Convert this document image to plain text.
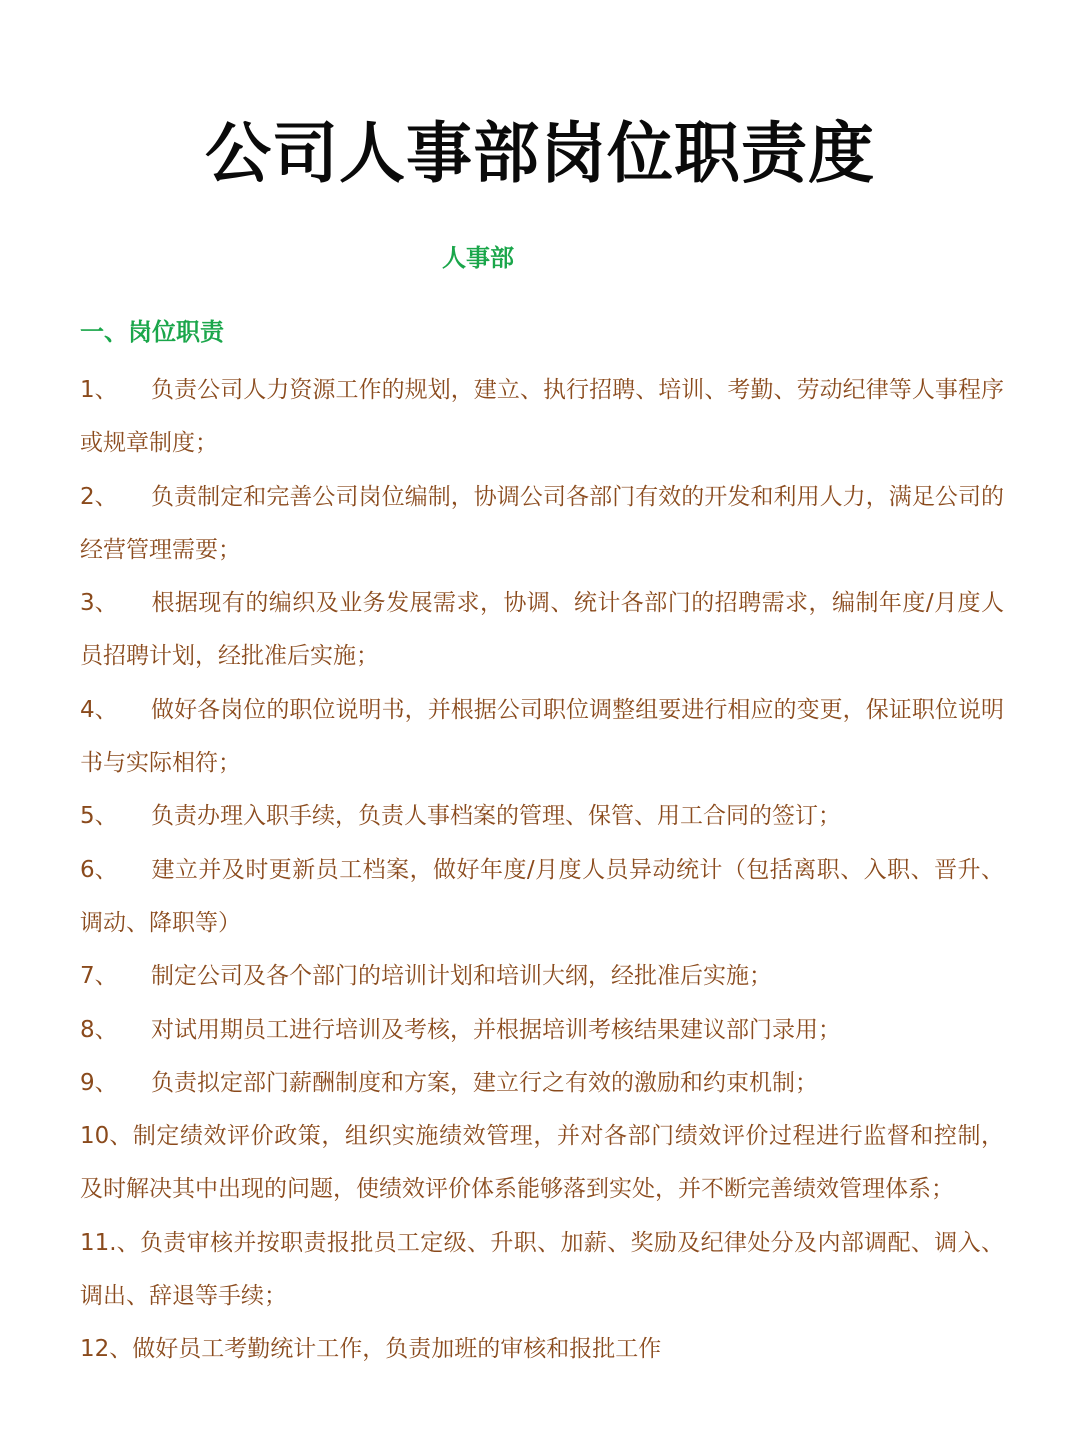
公司人事部岗位职责度
人事部
一、岗位职责
1、 负责公司人力资源工作的规划，建立、执行招聘、培训、考勤、劳动纪律等人事程序或规章制度；
2、 负责制定和完善公司岗位编制，协调公司各部门有效的开发和利用人力，满足公司的经营管理需要；
3、 根据现有的编织及业务发展需求，协调、统计各部门的招聘需求，编制年度/月度人员招聘计划，经批准后实施；
4、 做好各岗位的职位说明书，并根据公司职位调整组要进行相应的变更，保证职位说明书与实际相符；
5、 负责办理入职手续，负责人事档案的管理、保管、用工合同的签订；
6、 建立并及时更新员工档案，做好年度/月度人员异动统计（包括离职、入职、晋升、调动、降职等）
7、 制定公司及各个部门的培训计划和培训大纲，经批准后实施；
8、 对试用期员工进行培训及考核，并根据培训考核结果建议部门录用；
9、 负责拟定部门薪酬制度和方案，建立行之有效的激励和约束机制；
10、制定绩效评价政策，组织实施绩效管理，并对各部门绩效评价过程进行监督和控制，及时解决其中出现的问题，使绩效评价体系能够落到实处，并不断完善绩效管理体系；
11.、负责审核并按职责报批员工定级、升职、加薪、奖励及纪律处分及内部调配、调入、调出、辞退等手续；
12、做好员工考勤统计工作，负责加班的审核和报批工作
